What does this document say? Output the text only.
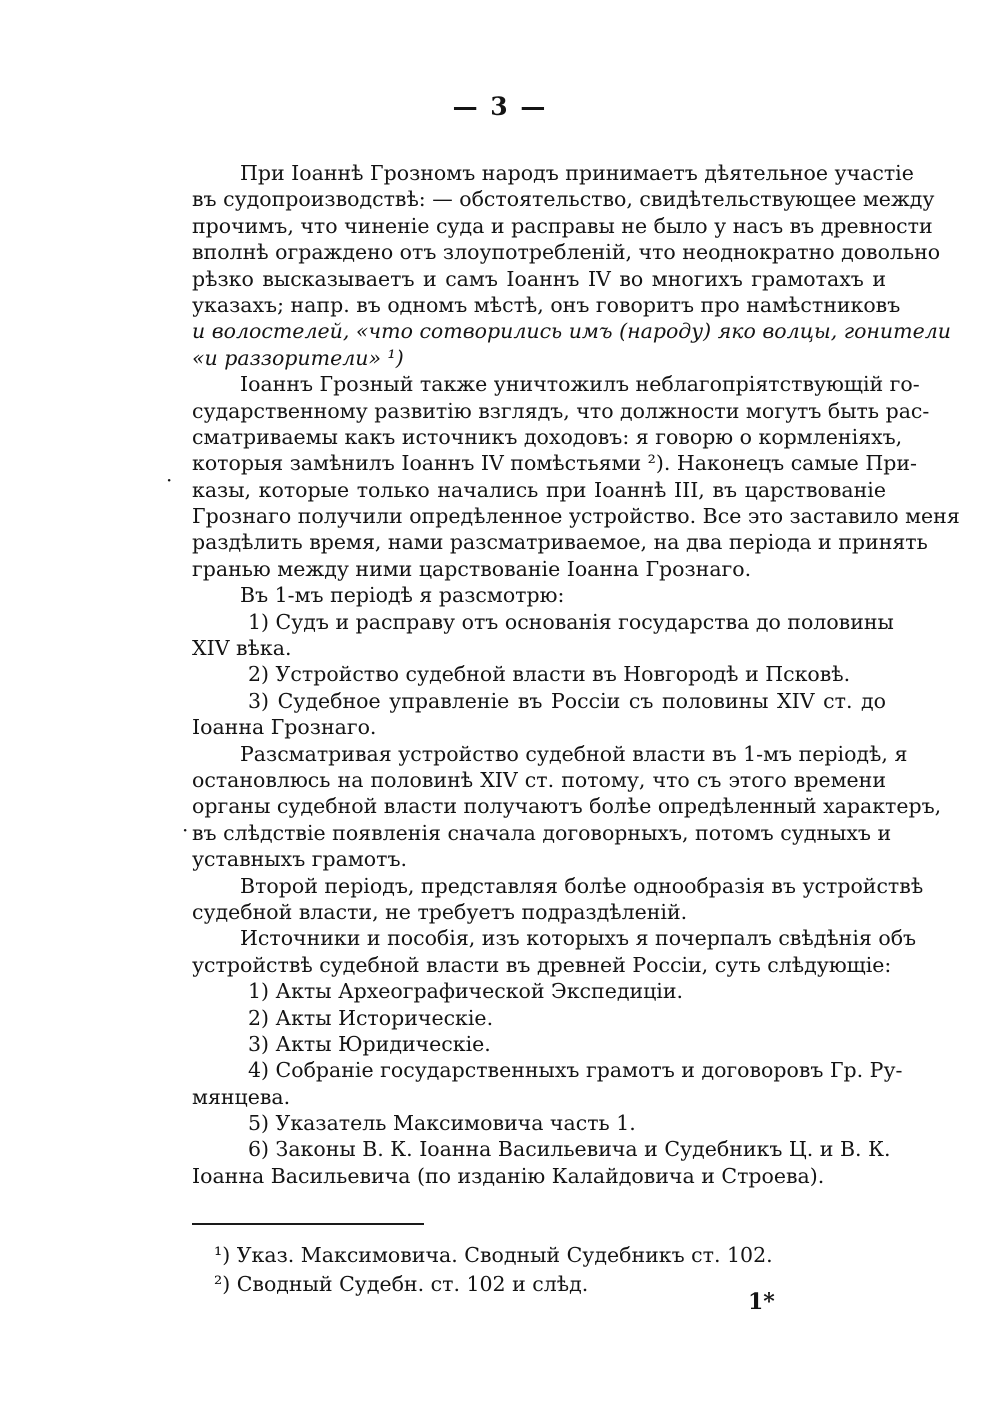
— 3 —
При Іоаннѣ Грозномъ народъ принимаетъ дѣятельное участіе
въ судопроизводствѣ: — обстоятельство, свидѣтельствующее между
прочимъ, что чиненіе суда и расправы не было у насъ въ древности
вполнѣ ограждено отъ злоупотребленій, что неоднократно довольно
рѣзко высказываетъ и самъ Іоаннъ IV во многихъ грамотахъ и
указахъ; напр. въ одномъ мѣстѣ, онъ говоритъ про намѣстниковъ
и волостелей, «что сотворились имъ (народу) яко волцы, гонители
«и раззорители» ¹)
Іоаннъ Грозный также уничтожилъ неблагопріятствующій го-
сударственному развитію взглядъ, что должности могутъ быть рас-
сматриваемы какъ источникъ доходовъ: я говорю о кормленіяхъ,
которыя замѣнилъ Іоаннъ IV помѣстьями ²). Наконецъ самые При-
казы, которые только начались при Іоаннѣ III, въ царствованіе
Грознаго получили опредѣленное устройство. Все это заставило меня
раздѣлить время, нами разсматриваемое, на два періода и принять
гранью между ними царствованіе Іоанна Грознаго.
Въ 1-мъ періодѣ я разсмотрю:
1) Судъ и расправу отъ основанія государства до половины
XIV вѣка.
2) Устройство судебной власти въ Новгородѣ и Псковѣ.
3) Судебное управленіе въ Россіи съ половины XIV ст. до
Іоанна Грознаго.
Разсматривая устройство судебной власти въ 1-мъ періодѣ, я
остановлюсь на половинѣ XIV ст. потому, что съ этого времени
органы судебной власти получаютъ болѣе опредѣленный характеръ,
въ слѣдствіе появленія сначала договорныхъ, потомъ судныхъ и
уставныхъ грамотъ.
Второй періодъ, представляя болѣе однообразія въ устройствѣ
судебной власти, не требуетъ подраздѣленій.
Источники и пособія, изъ которыхъ я почерпалъ свѣдѣнія объ
устройствѣ судебной власти въ древней Россіи, суть слѣдующіе:
1) Акты Археографической Экспедиціи.
2) Акты Историческіе.
3) Акты Юридическіе.
4) Собраніе государственныхъ грамотъ и договоровъ Гр. Ру-
мянцева.
5) Указатель Максимовича часть 1.
6) Законы В. К. Іоанна Васильевича и Судебникъ Ц. и В. К.
Іоанна Васильевича (по изданію Калайдовича и Строева).
¹) Указ. Максимовича. Сводный Судебникъ ст. 102.
²) Сводный Судебн. ст. 102 и слѣд.
1*
·
·
